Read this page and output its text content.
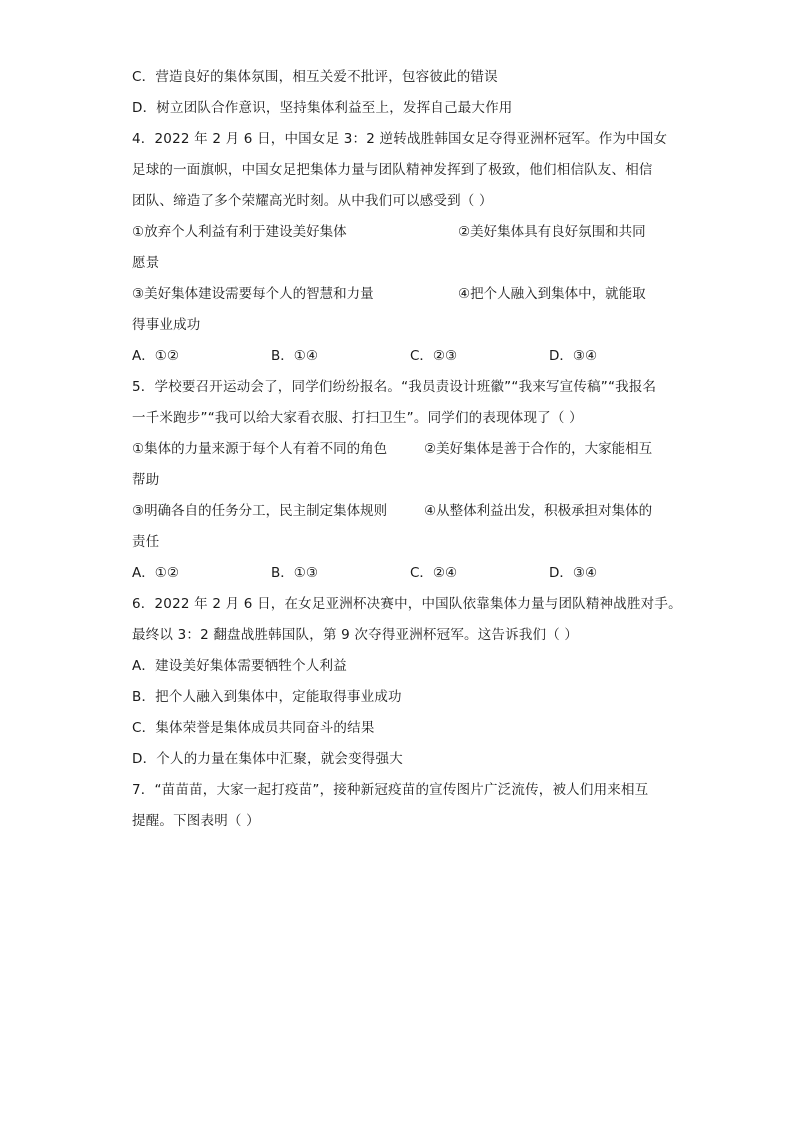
C．营造良好的集体氛围，相互关爱不批评，包容彼此的错误
D．树立团队合作意识，坚持集体利益至上，发挥自己最大作用
4．2022 年 2 月 6 日，中国女足 3：2 逆转战胜韩国女足夺得亚洲杯冠军。作为中国女
足球的一面旗帜，中国女足把集体力量与团队精神发挥到了极致，他们相信队友、相信
团队、缔造了多个荣耀高光时刻。从中我们可以感受到（ ）
①放弃个人利益有利于建设美好集体	②美好集体具有良好氛围和共同
愿景
③美好集体建设需要每个人的智慧和力量	④把个人融入到集体中，就能取
得事业成功
A．①②	B．①④	C．②③	D．③④
5．学校要召开运动会了，同学们纷纷报名。“我员责设计班徽”“我来写宣传稿”“我报名
一千米跑步”“我可以给大家看衣服、打扫卫生”。同学们的表现体现了（ ）
①集体的力量来源于每个人有着不同的角色	②美好集体是善于合作的，大家能相互
帮助
③明确各自的任务分工，民主制定集体规则	④从整体利益出发，积极承担对集体的
责任
A．①②	B．①③	C．②④	D．③④
6．2022 年 2 月 6 日，在女足亚洲杯决赛中，中国队依靠集体力量与团队精神战胜对手。
最终以 3：2 翻盘战胜韩国队，第 9 次夺得亚洲杯冠军。这告诉我们（ ）
A．建设美好集体需要牺牲个人利益
B．把个人融入到集体中，定能取得事业成功
C．集体荣誉是集体成员共同奋斗的结果
D．个人的力量在集体中汇聚，就会变得强大
7．“苗苗苗，大家一起打疫苗”，接种新冠疫苗的宣传图片广泛流传，被人们用来相互
提醒。下图表明（ ）
